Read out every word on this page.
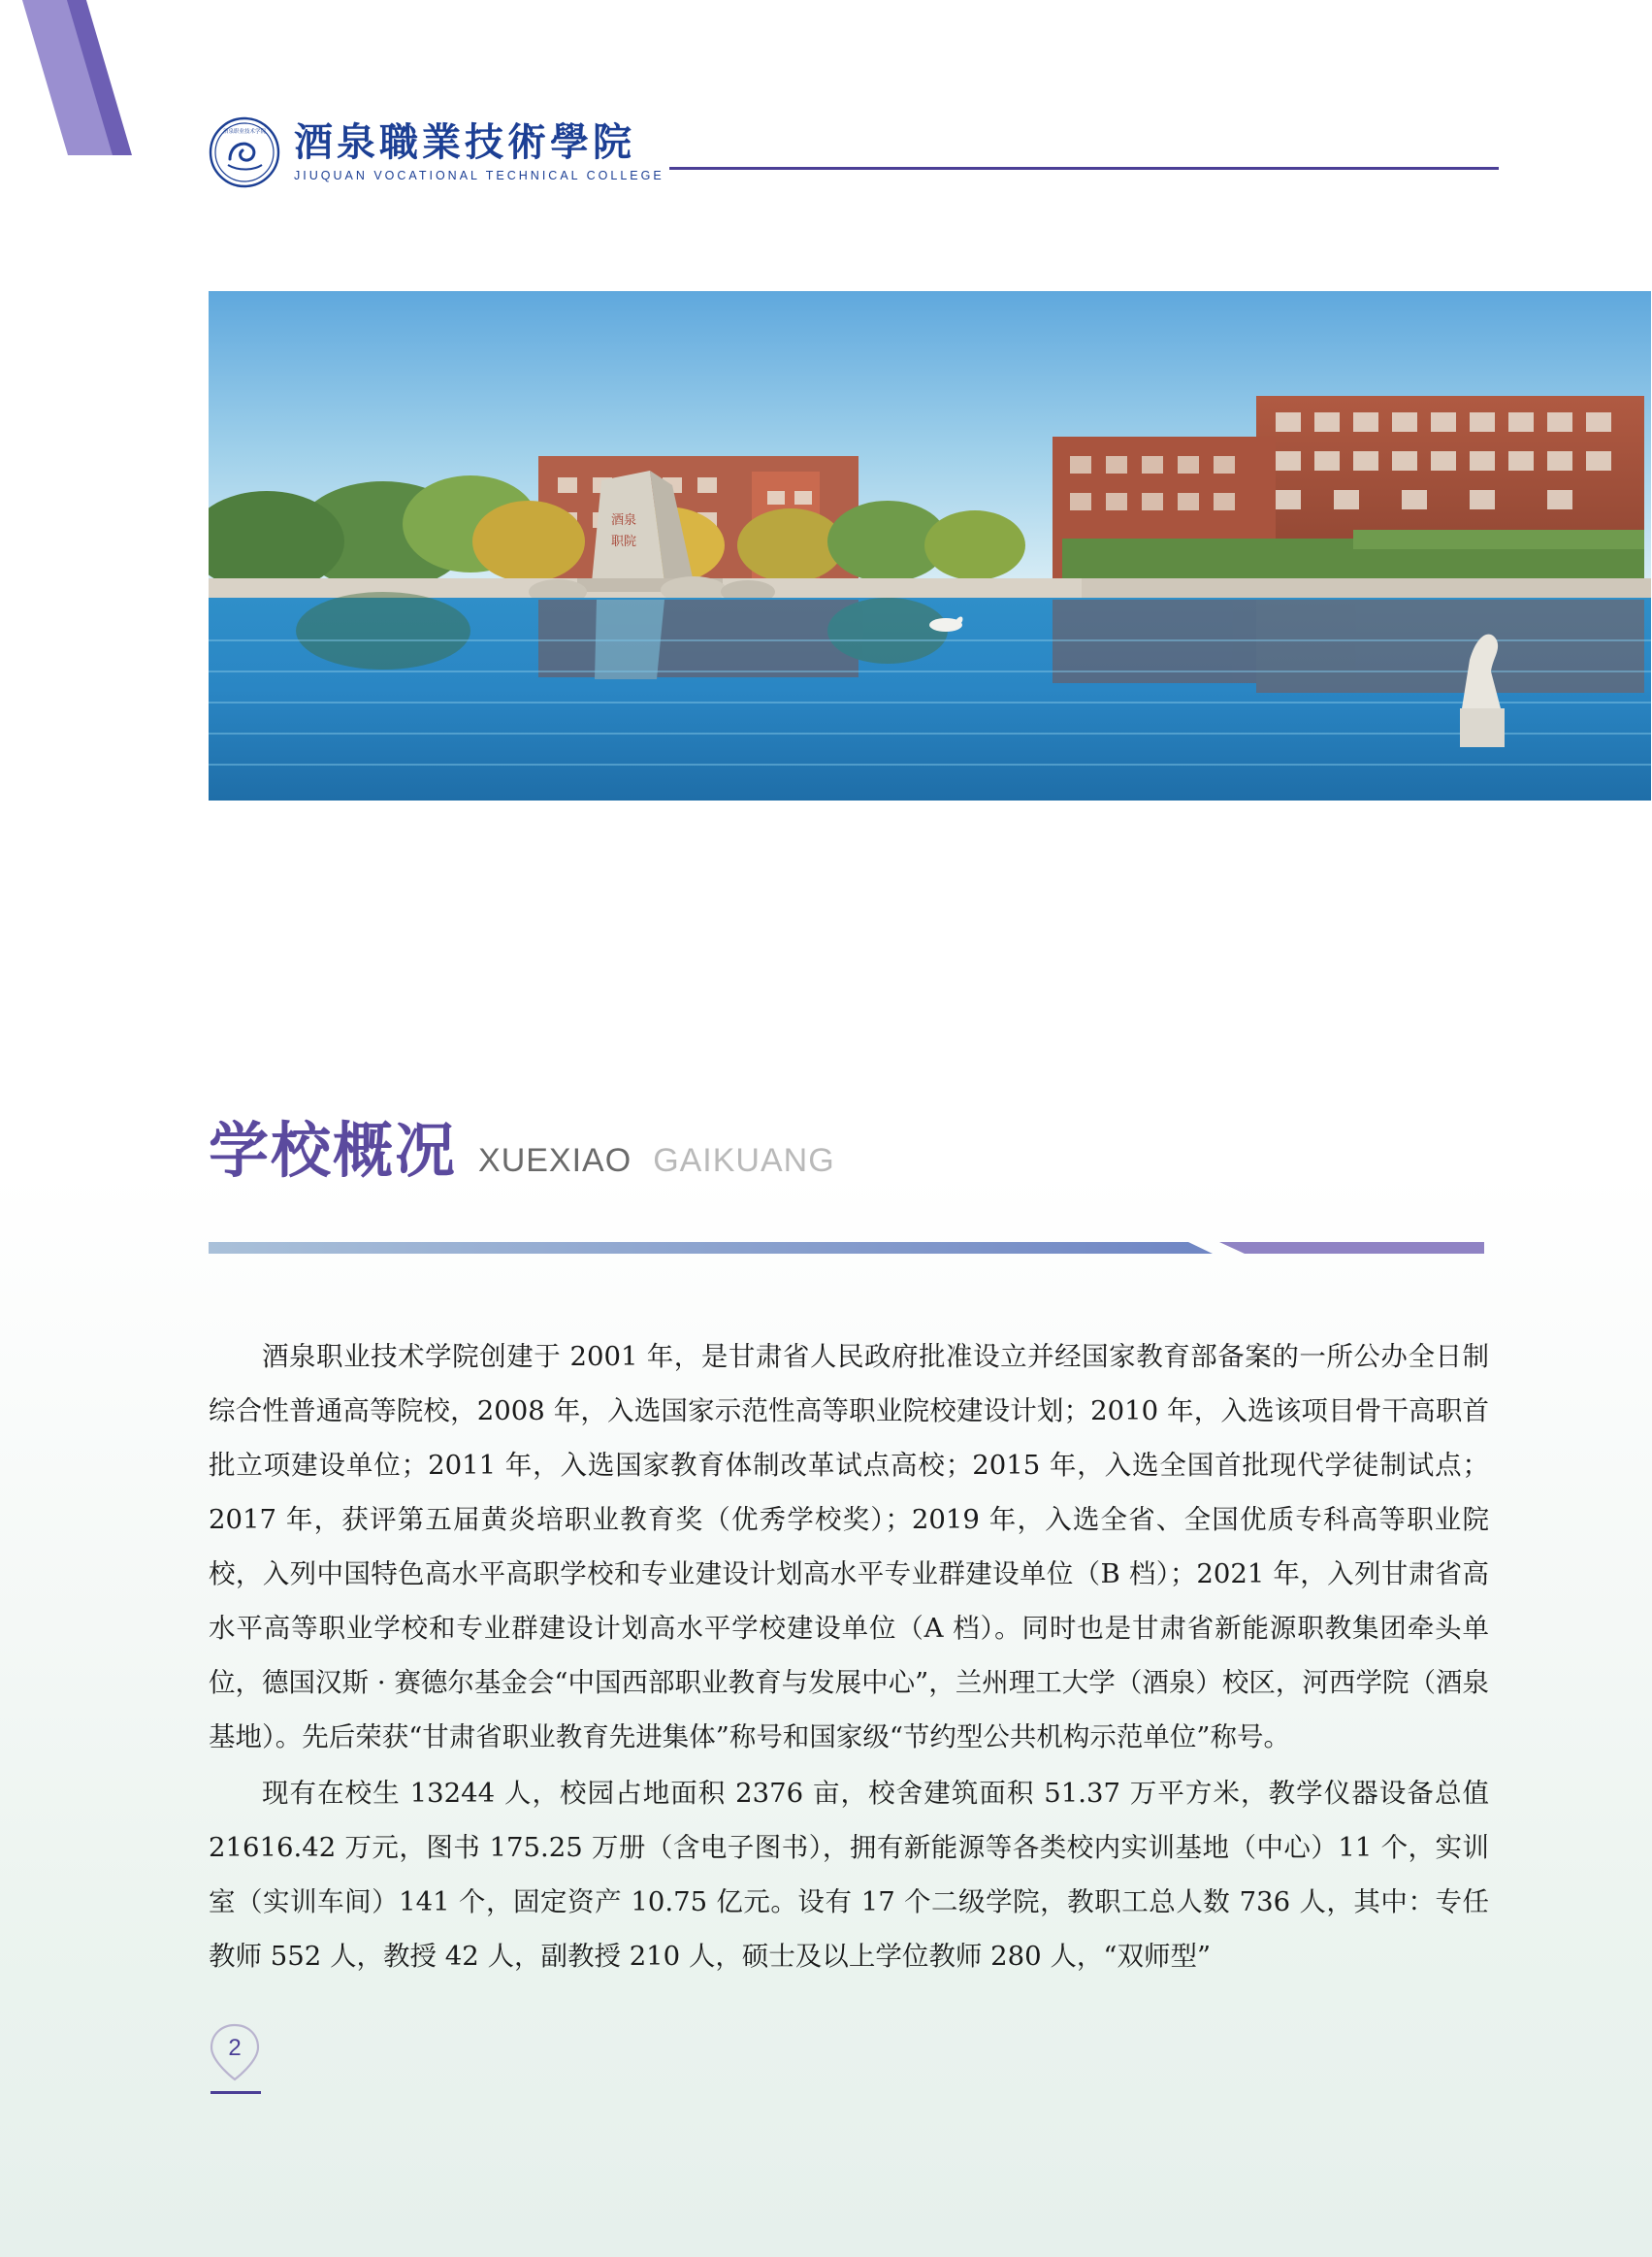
酒泉职业技术学院 酒泉職業技術學院
JIUQUAN VOCATIONAL TECHNICAL COLLEGE
酒泉
职院
学校概况 XUEXIAO GAIKUANG

酒泉职业技术学院创建于 2001 年，是甘肃省人民政府批准设立并经国家教育部备案的一所公办全日制综合性普通高等院校，2008 年，入选国家示范性高等职业院校建设计划；2010 年，入选该项目骨干高职首批立项建设单位；2011 年，入选国家教育体制改革试点高校；2015 年，入选全国首批现代学徒制试点；2017 年，获评第五届黄炎培职业教育奖（优秀学校奖）；2019 年，入选全省、全国优质专科高等职业院校，入列中国特色高水平高职学校和专业建设计划高水平专业群建设单位（B 档）；2021 年，入列甘肃省高水平高等职业学校和专业群建设计划高水平学校建设单位（A 档）。同时也是甘肃省新能源职教集团牵头单位，德国汉斯 · 赛德尔基金会“中国西部职业教育与发展中心”，兰州理工大学（酒泉）校区，河西学院（酒泉基地）。先后荣获“甘肃省职业教育先进集体”称号和国家级“节约型公共机构示范单位”称号。

现有在校生 13244 人，校园占地面积 2376 亩，校舍建筑面积 51.37 万平方米，教学仪器设备总值 21616.42 万元，图书 175.25 万册（含电子图书），拥有新能源等各类校内实训基地（中心）11 个，实训室（实训车间）141 个，固定资产 10.75 亿元。设有 17 个二级学院，教职工总人数 736 人，其中：专任教师 552 人，教授 42 人，副教授 210 人，硕士及以上学位教师 280 人，“双师型”

2
